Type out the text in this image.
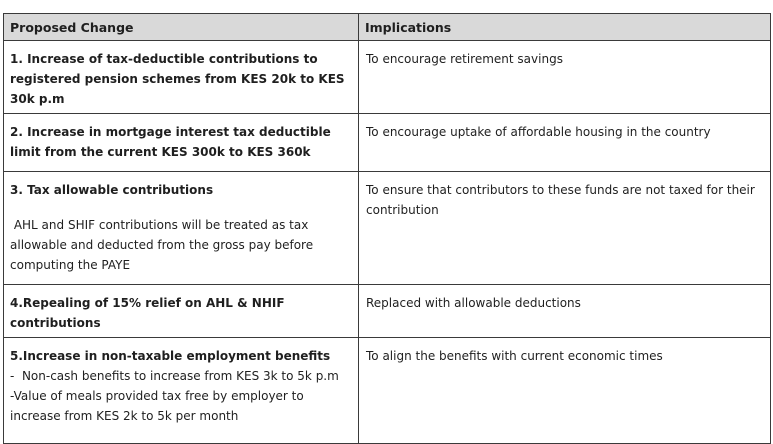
Proposed Change	Implications

1. Increase of tax-deductible contributions to registered pension schemes from KES 20k to KES 30k p.m	To encourage retirement savings

2. Increase in mortgage interest tax deductible limit from the current KES 300k to KES 360k	To encourage uptake of affordable housing in the country

3. Tax allowable contributions
AHL and SHIF contributions will be treated as tax allowable and deducted from the gross pay before computing the PAYE	To ensure that contributors to these funds are not taxed for their contribution

4.Repealing of 15% relief on AHL & NHIF contributions	Replaced with allowable deductions

5.Increase in non-taxable employment benefits
-  Non-cash benefits to increase from KES 3k to 5k p.m
-Value of meals provided tax free by employer to increase from KES 2k to 5k per month	To align the benefits with current economic times
